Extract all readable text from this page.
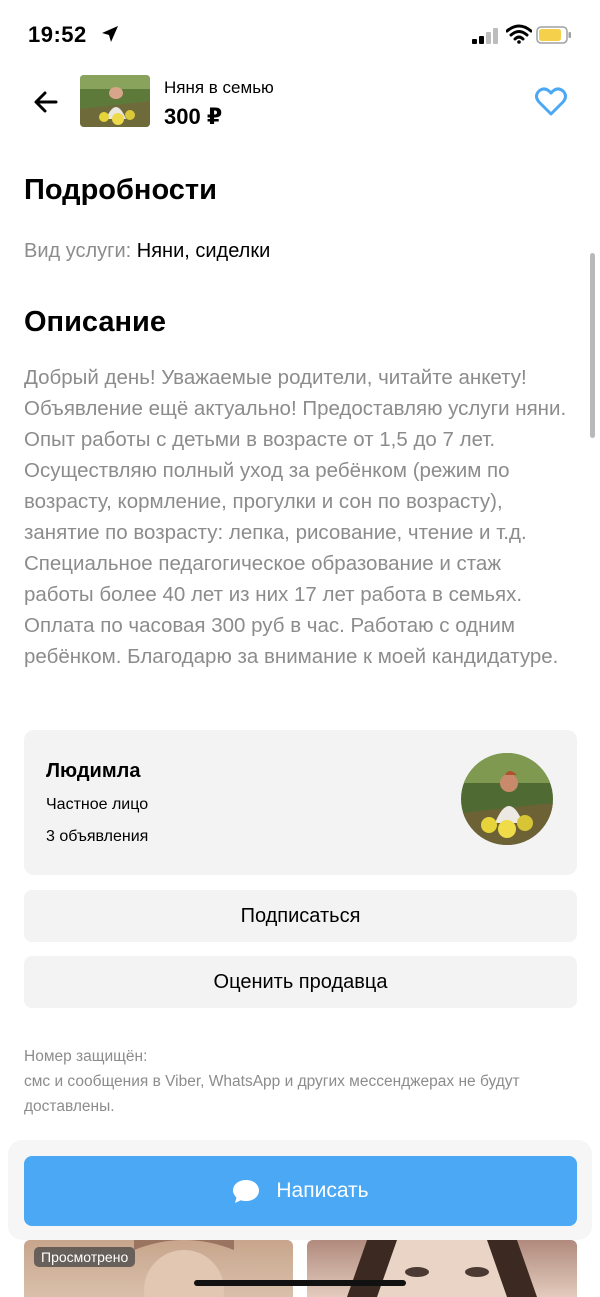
19:52
Няня в семью
300 ₽
Подробности
Вид услуги: Няни, сиделки
Описание
Добрый день! Уважаемые родители, читайте анкету! Объявление ещё актуально! Предоставляю услуги няни. Опыт работы с детьми в возрасте от 1,5 до 7 лет. Осуществляю полный уход за ребёнком (режим по возрасту, кормление, прогулки и сон по возрасту), занятие по возрасту: лепка, рисование, чтение и т.д. Специальное педагогическое образование и стаж работы более 40 лет из них 17 лет работа в семьях. Оплата по часовая 300 руб в час. Работаю с одним ребёнком. Благодарю за внимание к моей кандидатуре.
Людимла
Частное лицо
3 объявления
Подписаться
Оценить продавца
Номер защищён:
смс и сообщения в Viber, WhatsApp и других мессенджерах не будут доставлены.
Написать
Просмотрено
